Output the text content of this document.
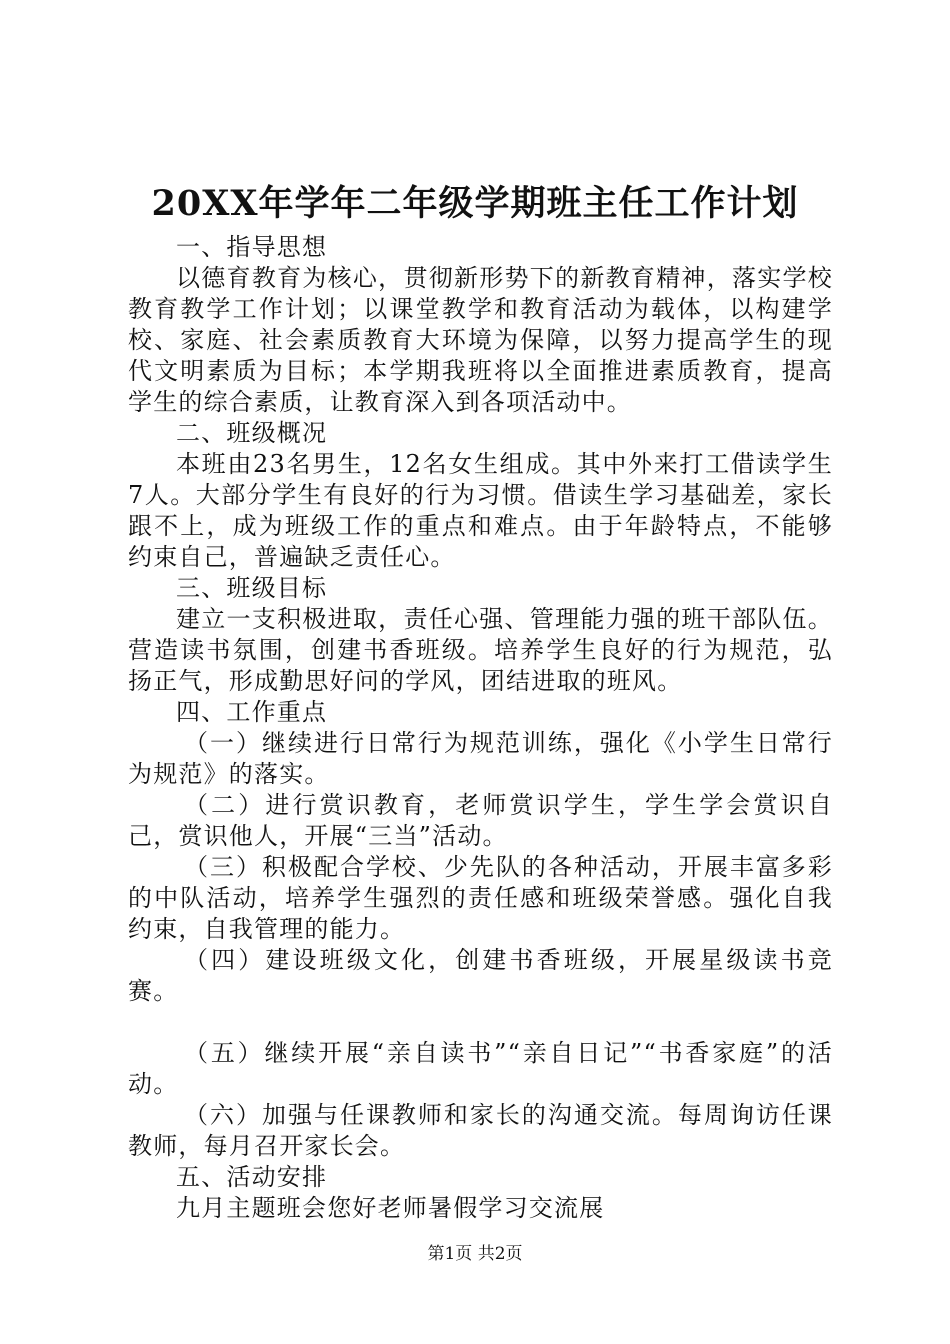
20XX年学年二年级学期班主任工作计划

一、指导思想

以德育教育为核心，贯彻新形势下的新教育精神，落实学校教育教学工作计划；以课堂教学和教育活动为载体，以构建学校、家庭、社会素质教育大环境为保障，以努力提高学生的现代文明素质为目标；本学期我班将以全面推进素质教育，提高学生的综合素质，让教育深入到各项活动中。

二、班级概况

本班由23名男生，12名女生组成。其中外来打工借读学生7人。大部分学生有良好的行为习惯。借读生学习基础差，家长跟不上，成为班级工作的重点和难点。由于年龄特点，不能够约束自己，普遍缺乏责任心。

三、班级目标

建立一支积极进取，责任心强、管理能力强的班干部队伍。营造读书氛围，创建书香班级。培养学生良好的行为规范，弘扬正气，形成勤思好问的学风，团结进取的班风。

四、工作重点

（一）继续进行日常行为规范训练，强化《小学生日常行为规范》的落实。

（二）进行赏识教育，老师赏识学生，学生学会赏识自己，赏识他人，开展“三当”活动。

（三）积极配合学校、少先队的各种活动，开展丰富多彩的中队活动，培养学生强烈的责任感和班级荣誉感。强化自我约束，自我管理的能力。

（四）建设班级文化，创建书香班级，开展星级读书竞赛。

（五）继续开展“亲自读书”“亲自日记”“书香家庭”的活动。

（六）加强与任课教师和家长的沟通交流。每周询访任课教师，每月召开家长会。

五、活动安排

九月主题班会您好老师暑假学习交流展

第1页 共2页
